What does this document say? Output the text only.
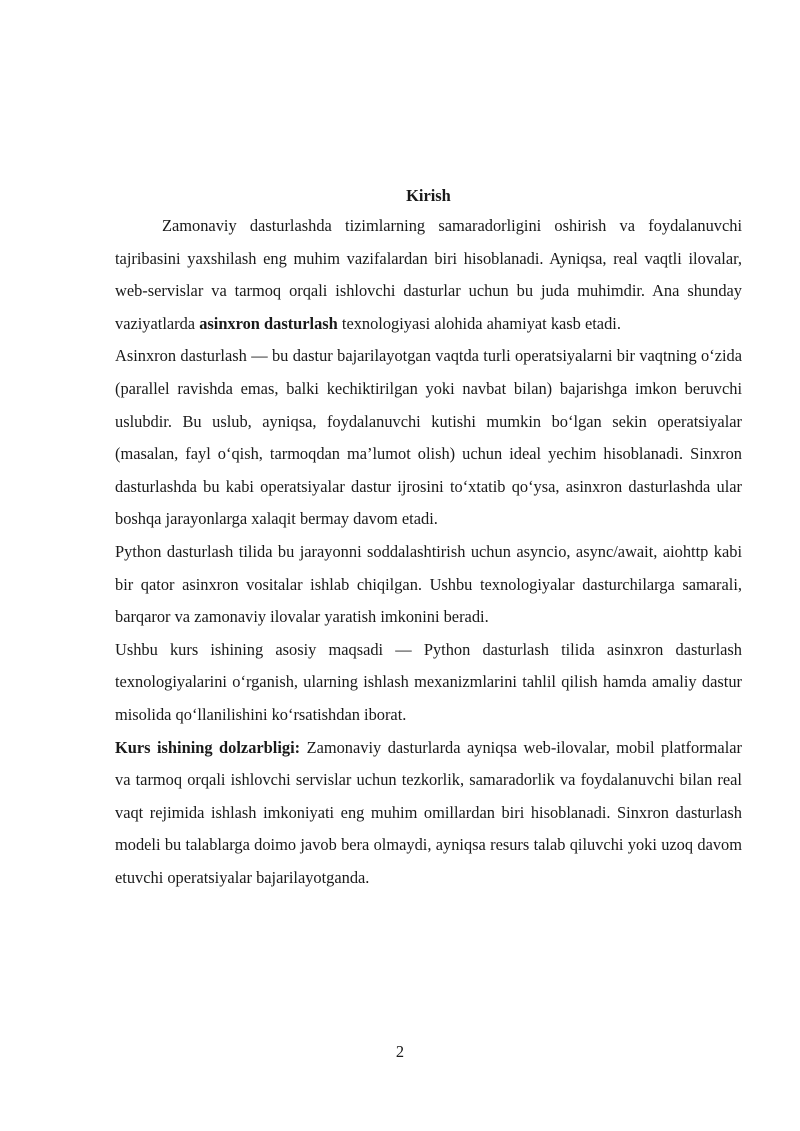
Kirish

Zamonaviy dasturlashda tizimlarning samaradorligini oshirish va foydalanuvchi tajribasini yaxshilash eng muhim vazifalardan biri hisoblanadi. Ayniqsa, real vaqtli ilovalar, web-servislar va tarmoq orqali ishlovchi dasturlar uchun bu juda muhimdir. Ana shunday vaziyatlarda asinxron dasturlash texnologiyasi alohida ahamiyat kasb etadi.

Asinxron dasturlash — bu dastur bajarilayotgan vaqtda turli operatsiyalarni bir vaqtning o‘zida (parallel ravishda emas, balki kechiktirilgan yoki navbat bilan) bajarishga imkon beruvchi uslubdir. Bu uslub, ayniqsa, foydalanuvchi kutishi mumkin bo‘lgan sekin operatsiyalar (masalan, fayl o‘qish, tarmoqdan ma’lumot olish) uchun ideal yechim hisoblanadi. Sinxron dasturlashda bu kabi operatsiyalar dastur ijrosini to‘xtatib qo‘ysa, asinxron dasturlashda ular boshqa jarayonlarga xalaqit bermay davom etadi.

Python dasturlash tilida bu jarayonni soddalashtirish uchun asyncio, async/await, aiohttp kabi bir qator asinxron vositalar ishlab chiqilgan. Ushbu texnologiyalar dasturchilarga samarali, barqaror va zamonaviy ilovalar yaratish imkonini beradi.

Ushbu kurs ishining asosiy maqsadi — Python dasturlash tilida asinxron dasturlash texnologiyalarini o‘rganish, ularning ishlash mexanizmlarini tahlil qilish hamda amaliy dastur misolida qo‘llanilishini ko‘rsatishdan iborat.

Kurs ishining dolzarbligi: Zamonaviy dasturlarda ayniqsa web-ilovalar, mobil platformalar va tarmoq orqali ishlovchi servislar uchun tezkorlik, samaradorlik va foydalanuvchi bilan real vaqt rejimida ishlash imkoniyati eng muhim omillardan biri hisoblanadi. Sinxron dasturlash modeli bu talablarga doimo javob bera olmaydi, ayniqsa resurs talab qiluvchi yoki uzoq davom etuvchi operatsiyalar bajarilayotganda.

2
